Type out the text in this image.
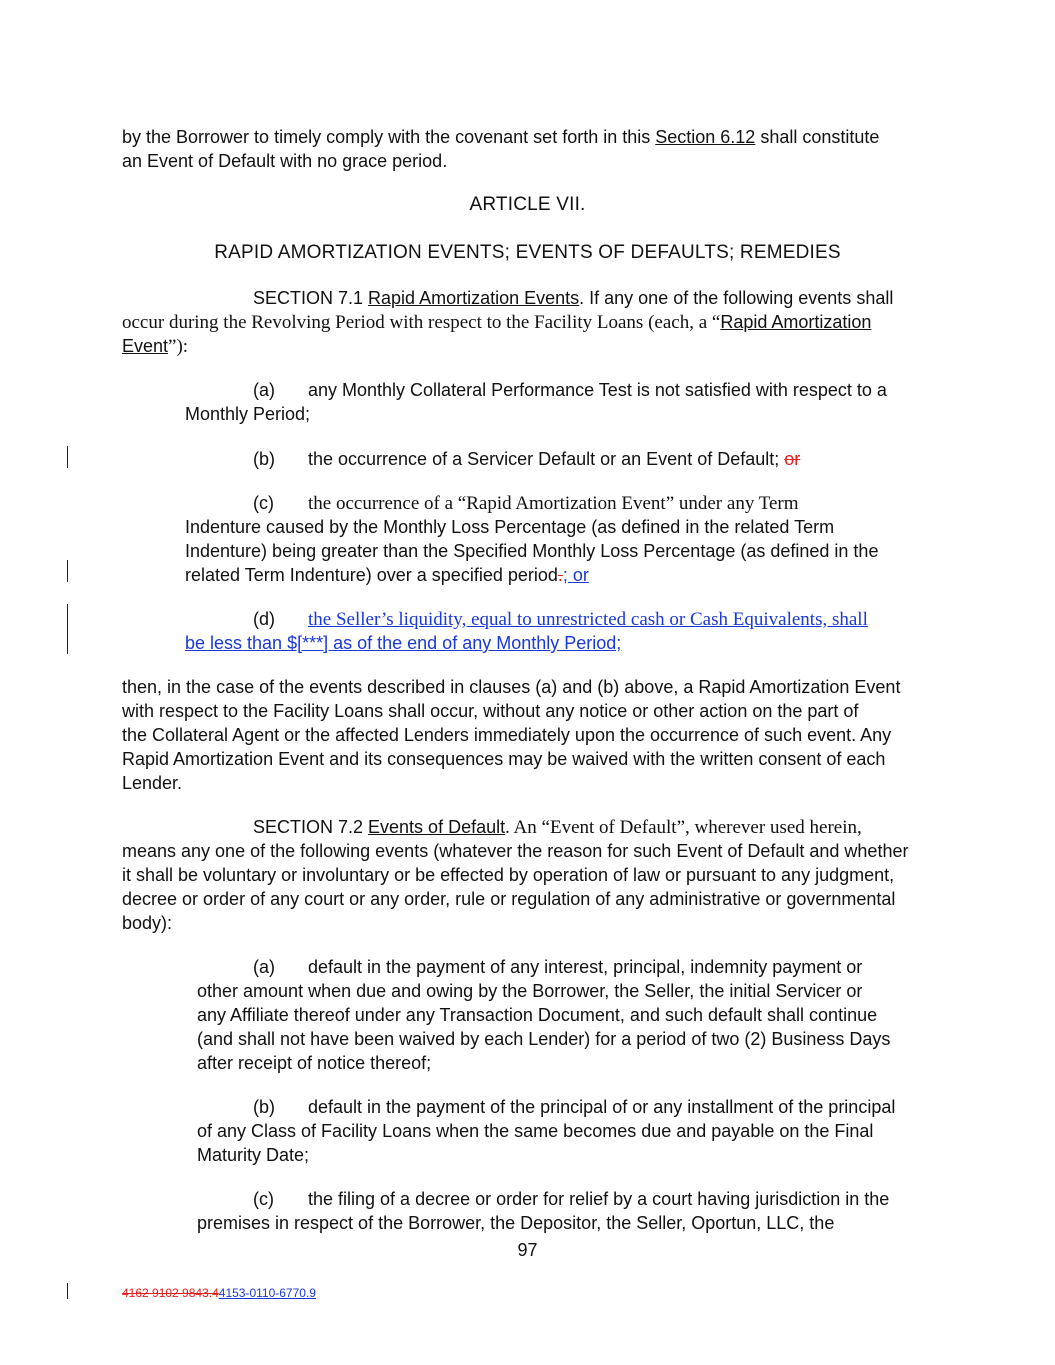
by the Borrower to timely comply with the covenant set forth in this Section 6.12 shall constitute
an Event of Default with no grace period.
ARTICLE VII.
RAPID AMORTIZATION EVENTS; EVENTS OF DEFAULTS; REMEDIES
SECTION 7.1 Rapid Amortization Events. If any one of the following events shall
occur during the Revolving Period with respect to the Facility Loans (each, a “Rapid Amortization
Event”):
(a) any Monthly Collateral Performance Test is not satisfied with respect to a
Monthly Period;
(b) the occurrence of a Servicer Default or an Event of Default; or
(c) the occurrence of a “Rapid Amortization Event” under any Term
Indenture caused by the Monthly Loss Percentage (as defined in the related Term
Indenture) being greater than the Specified Monthly Loss Percentage (as defined in the
related Term Indenture) over a specified period.; or
(d) the Seller’s liquidity, equal to unrestricted cash or Cash Equivalents, shall
be less than $[***] as of the end of any Monthly Period;
then, in the case of the events described in clauses (a) and (b) above, a Rapid Amortization Event
with respect to the Facility Loans shall occur, without any notice or other action on the part of
the Collateral Agent or the affected Lenders immediately upon the occurrence of such event. Any
Rapid Amortization Event and its consequences may be waived with the written consent of each
Lender.
SECTION 7.2 Events of Default. An “Event of Default”, wherever used herein,
means any one of the following events (whatever the reason for such Event of Default and whether
it shall be voluntary or involuntary or be effected by operation of law or pursuant to any judgment,
decree or order of any court or any order, rule or regulation of any administrative or governmental
body):
(a) default in the payment of any interest, principal, indemnity payment or
other amount when due and owing by the Borrower, the Seller, the initial Servicer or
any Affiliate thereof under any Transaction Document, and such default shall continue
(and shall not have been waived by each Lender) for a period of two (2) Business Days
after receipt of notice thereof;
(b) default in the payment of the principal of or any installment of the principal
of any Class of Facility Loans when the same becomes due and payable on the Final
Maturity Date;
(c) the filing of a decree or order for relief by a court having jurisdiction in the
premises in respect of the Borrower, the Depositor, the Seller, Oportun, LLC, the
97
4162 9102 9843.44153-0110-6770.9
